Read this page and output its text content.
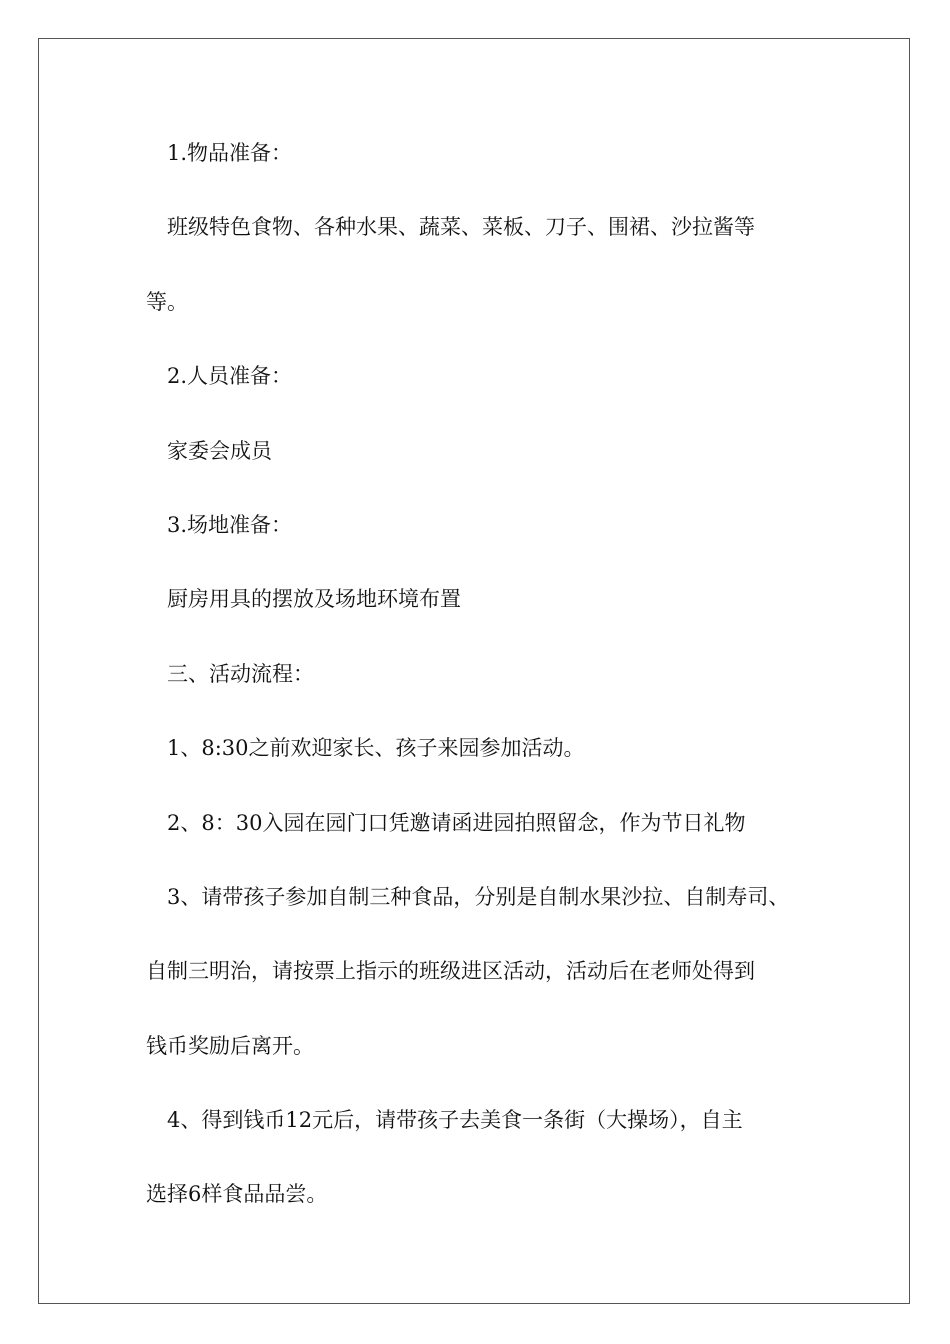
1.物品准备：
班级特色食物、各种水果、蔬菜、菜板、刀子、围裙、沙拉酱等
等。
2.人员准备：
家委会成员
3.场地准备：
厨房用具的摆放及场地环境布置
三、活动流程：
1、8:30之前欢迎家长、孩子来园参加活动。
2、8：30入园在园门口凭邀请函进园拍照留念，作为节日礼物
3、请带孩子参加自制三种食品，分别是自制水果沙拉、自制寿司、
自制三明治，请按票上指示的班级进区活动，活动后在老师处得到
钱币奖励后离开。
4、得到钱币12元后，请带孩子去美食一条街（大操场），自主
选择6样食品品尝。
